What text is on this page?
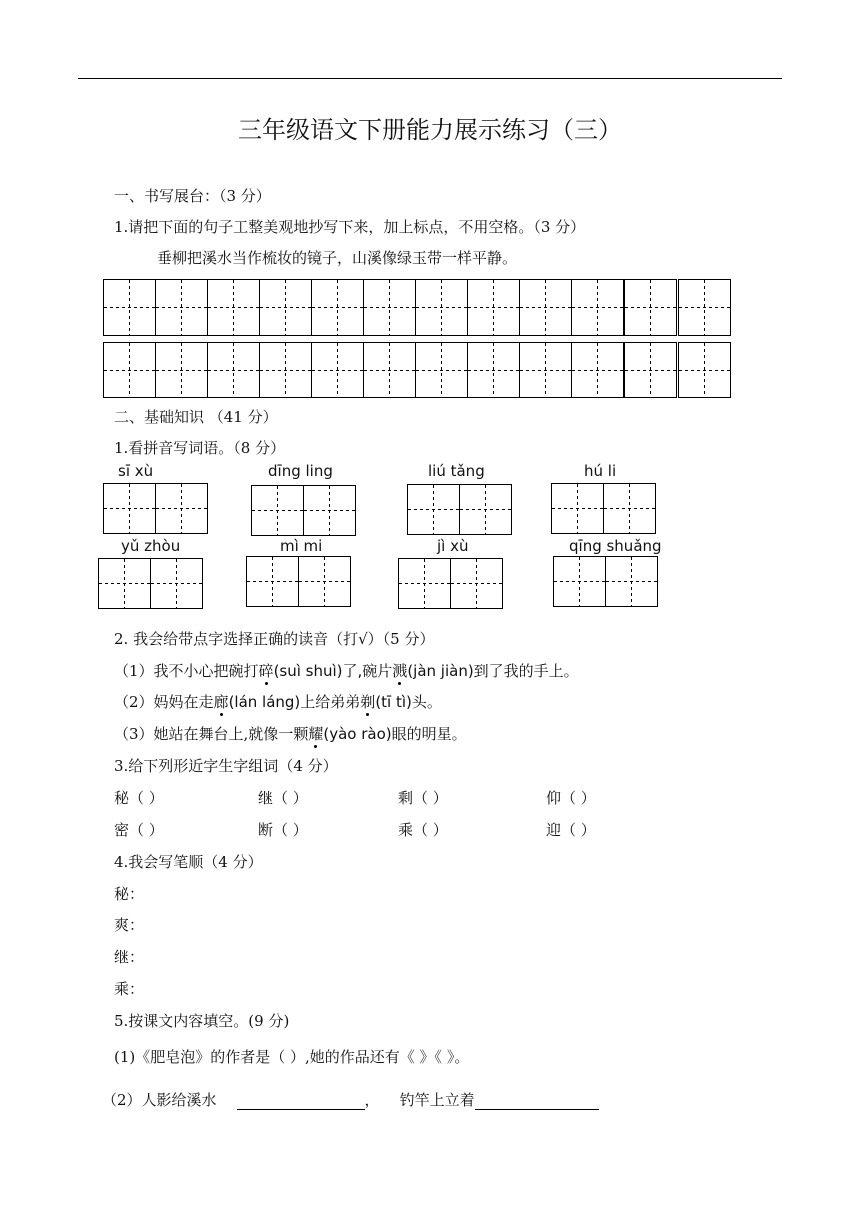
三年级语文下册能力展示练习（三）
一、书写展台：（3 分）
1.请把下面的句子工整美观地抄写下来，加上标点，不用空格。（3 分）
垂柳把溪水当作梳妆的镜子，山溪像绿玉带一样平静。
二、基础知识 （41 分）
1.看拼音写词语。（8 分）
sī xù	dīng ling	liú tǎng	hú li
yǔ zhòu	mì mi	jì xù	qīng shuǎng
2. 我会给带点字选择正确的读音（打√）（5 分）
（1）我不小心把碗打碎(suì shuì)了,碗片溅(jàn jiàn)到了我的手上。
（2）妈妈在走廊(lán láng)上给弟弟剃(tī tì)头。
（3）她站在舞台上,就像一颗耀(yào rào)眼的明星。
3.给下列形近字生字组词（4 分）
秘（ ）	继（ ）	剩（ ）	仰（ ）
密（ ）	断（ ）	乘（ ）	迎（ ）
4.我会写笔顺（4 分）
秘：
爽：
继：
乘：
5.按课文内容填空。(9 分)
(1)《肥皂泡》的作者是（ ）,她的作品还有《 》《 》。
（2）人影给溪水	， 钓竿上立着
